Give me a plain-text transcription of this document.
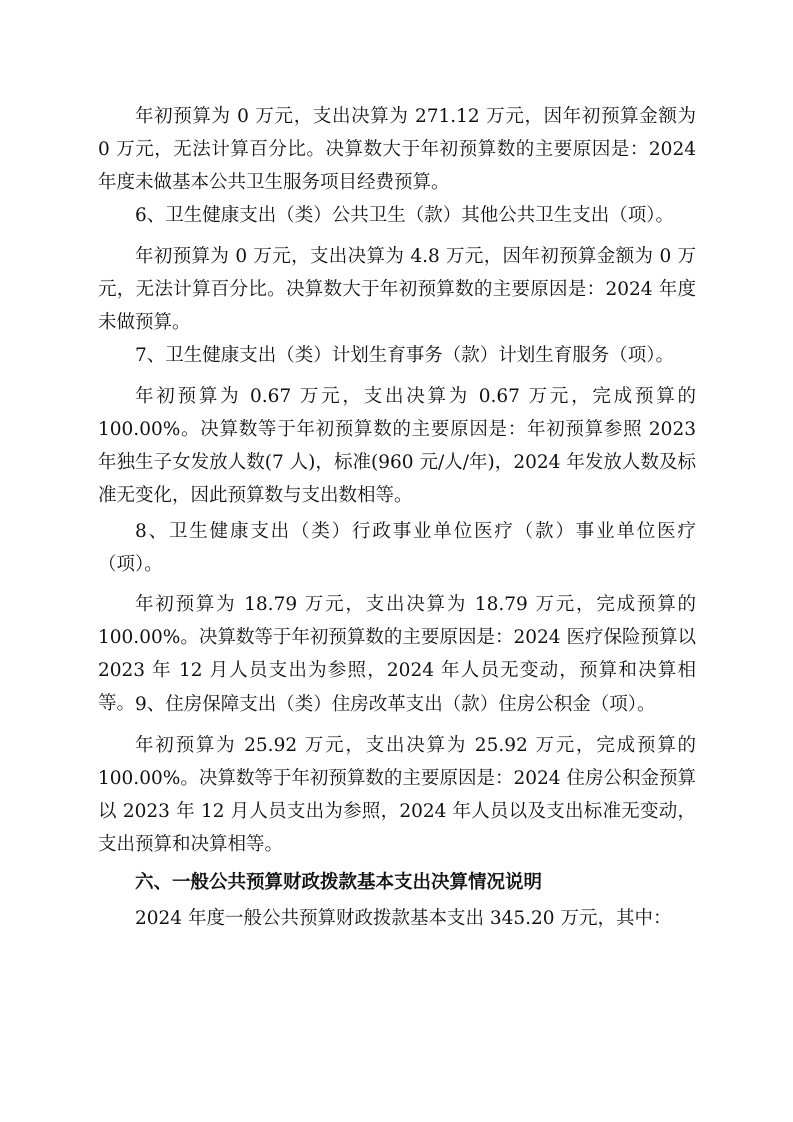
年初预算为 0 万元，支出决算为 271.12 万元，因年初预算金额为 0 万元，无法计算百分比。决算数大于年初预算数的主要原因是：2024 年度未做基本公共卫生服务项目经费预算。

6、卫生健康支出（类）公共卫生（款）其他公共卫生支出（项）。

年初预算为 0 万元，支出决算为 4.8 万元，因年初预算金额为 0 万元，无法计算百分比。决算数大于年初预算数的主要原因是：2024 年度未做预算。

7、卫生健康支出（类）计划生育事务（款）计划生育服务（项）。

年初预算为 0.67 万元，支出决算为 0.67 万元，完成预算的 100.00%。决算数等于年初预算数的主要原因是：年初预算参照 2023 年独生子女发放人数(7 人)，标准(960 元/人/年)，2024 年发放人数及标准无变化，因此预算数与支出数相等。

8、卫生健康支出（类）行政事业单位医疗（款）事业单位医疗（项）。

年初预算为 18.79 万元，支出决算为 18.79 万元，完成预算的 100.00%。决算数等于年初预算数的主要原因是：2024 医疗保险预算以 2023 年 12 月人员支出为参照，2024 年人员无变动，预算和决算相等。 9、住房保障支出（类）住房改革支出（款）住房公积金（项）。

年初预算为 25.92 万元，支出决算为 25.92 万元，完成预算的 100.00%。决算数等于年初预算数的主要原因是：2024 住房公积金预算以 2023 年 12 月人员支出为参照，2024 年人员以及支出标准无变动，支出预算和决算相等。

六、一般公共预算财政拨款基本支出决算情况说明

2024 年度一般公共预算财政拨款基本支出 345.20 万元，其中：
